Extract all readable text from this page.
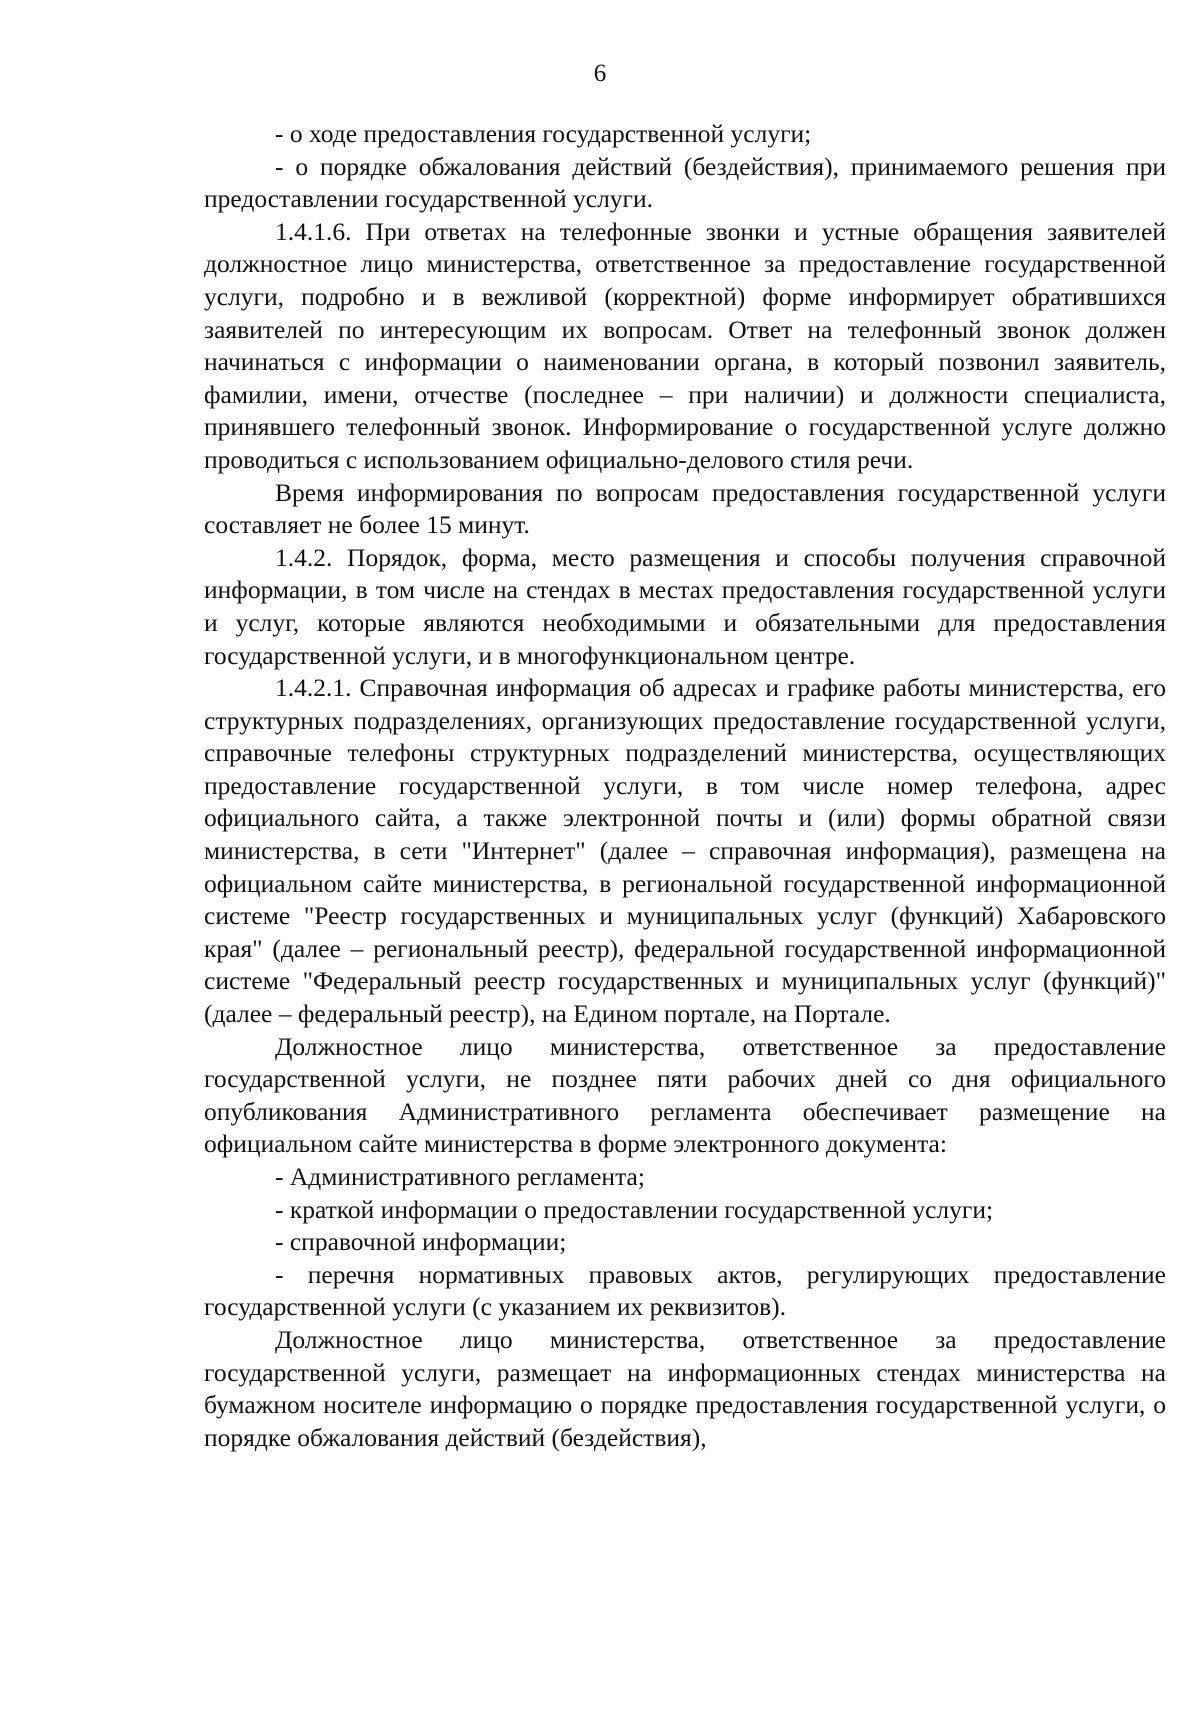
6

- о ходе предоставления государственной услуги;

- о порядке обжалования действий (бездействия), принимаемого решения при предоставлении государственной услуги.

1.4.1.6. При ответах на телефонные звонки и устные обращения заявителей должностное лицо министерства, ответственное за предоставление государственной услуги, подробно и в вежливой (корректной) форме информирует обратившихся заявителей по интересующим их вопросам. Ответ на телефонный звонок должен начинаться с информации о наименовании органа, в который позвонил заявитель, фамилии, имени, отчестве (последнее – при наличии) и должности специалиста, принявшего телефонный звонок. Информирование о государственной услуге должно проводиться с использованием официально-делового стиля речи.

Время информирования по вопросам предоставления государственной услуги составляет не более 15 минут.

1.4.2. Порядок, форма, место размещения и способы получения справочной информации, в том числе на стендах в местах предоставления государственной услуги и услуг, которые являются необходимыми и обязательными для предоставления государственной услуги, и в многофункциональном центре.

1.4.2.1. Справочная информация об адресах и графике работы министерства, его структурных подразделениях, организующих предоставление государственной услуги, справочные телефоны структурных подразделений министерства, осуществляющих предоставление государственной услуги, в том числе номер телефона, адрес официального сайта, а также электронной почты и (или) формы обратной связи министерства, в сети "Интернет" (далее – справочная информация), размещена на официальном сайте министерства, в региональной государственной информационной системе "Реестр государственных и муниципальных услуг (функций) Хабаровского края" (далее – региональный реестр), федеральной государственной информационной системе "Федеральный реестр государственных и муниципальных услуг (функций)" (далее – федеральный реестр), на Едином портале, на Портале.

Должностное лицо министерства, ответственное за предоставление государственной услуги, не позднее пяти рабочих дней со дня официального опубликования Административного регламента обеспечивает размещение на официальном сайте министерства в форме электронного документа:

- Административного регламента;

- краткой информации о предоставлении государственной услуги;

- справочной информации;

- перечня нормативных правовых актов, регулирующих предоставление государственной услуги (с указанием их реквизитов).

Должностное лицо министерства, ответственное за предоставление государственной услуги, размещает на информационных стендах министерства на бумажном носителе информацию о порядке предоставления государственной услуги, о порядке обжалования действий (бездействия),
